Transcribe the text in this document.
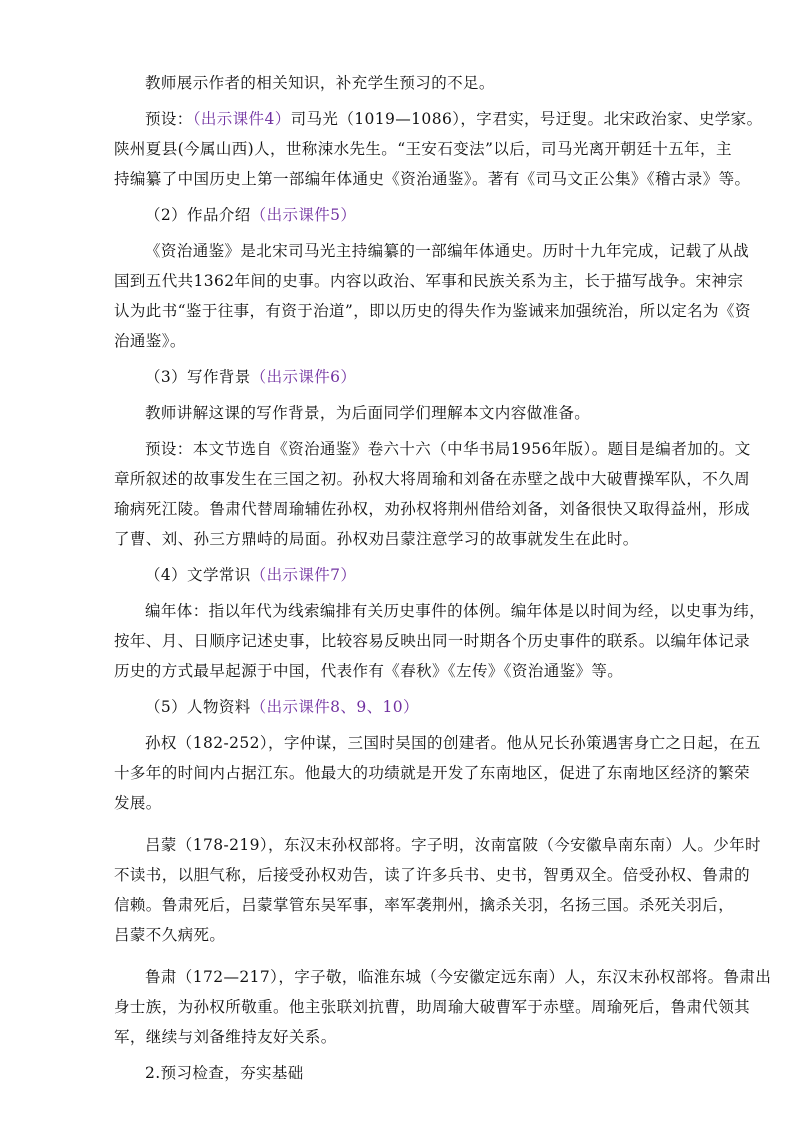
教师展示作者的相关知识，补充学生预习的不足。
预设：（出示课件4）司马光（1019—1086），字君实，号迂叟。北宋政治家、史学家。
陕州夏县(今属山西)人，世称涑水先生。“王安石变法”以后，司马光离开朝廷十五年，主
持编纂了中国历史上第一部编年体通史《资治通鉴》。著有《司马文正公集》《稽古录》等。
（2）作品介绍（出示课件5）
《资治通鉴》是北宋司马光主持编纂的一部编年体通史。历时十九年完成，记载了从战
国到五代共1362年间的史事。内容以政治、军事和民族关系为主，长于描写战争。宋神宗
认为此书“鉴于往事，有资于治道”，即以历史的得失作为鉴诫来加强统治，所以定名为《资
治通鉴》。
（3）写作背景（出示课件6）
教师讲解这课的写作背景，为后面同学们理解本文内容做准备。
预设：本文节选自《资治通鉴》卷六十六（中华书局1956年版）。题目是编者加的。文
章所叙述的故事发生在三国之初。孙权大将周瑜和刘备在赤壁之战中大破曹操军队，不久周
瑜病死江陵。鲁肃代替周瑜辅佐孙权，劝孙权将荆州借给刘备，刘备很快又取得益州，形成
了曹、刘、孙三方鼎峙的局面。孙权劝吕蒙注意学习的故事就发生在此时。
（4）文学常识（出示课件7）
编年体：指以年代为线索编排有关历史事件的体例。编年体是以时间为经，以史事为纬，
按年、月、日顺序记述史事，比较容易反映出同一时期各个历史事件的联系。以编年体记录
历史的方式最早起源于中国，代表作有《春秋》《左传》《资治通鉴》等。
（5）人物资料（出示课件8、9、10）
孙权（182-252），字仲谋，三国时吴国的创建者。他从兄长孙策遇害身亡之日起，在五
十多年的时间内占据江东。他最大的功绩就是开发了东南地区，促进了东南地区经济的繁荣
发展。
吕蒙（178-219），东汉末孙权部将。字子明，汝南富陂（今安徽阜南东南）人。少年时
不读书，以胆气称，后接受孙权劝告，读了许多兵书、史书，智勇双全。倍受孙权、鲁肃的
信赖。鲁肃死后，吕蒙掌管东吴军事，率军袭荆州，擒杀关羽，名扬三国。杀死关羽后，
吕蒙不久病死。
鲁肃（172—217），字子敬，临淮东城（今安徽定远东南）人，东汉末孙权部将。鲁肃出
身士族，为孙权所敬重。他主张联刘抗曹，助周瑜大破曹军于赤壁。周瑜死后，鲁肃代领其
军，继续与刘备维持友好关系。
2.预习检查，夯实基础
